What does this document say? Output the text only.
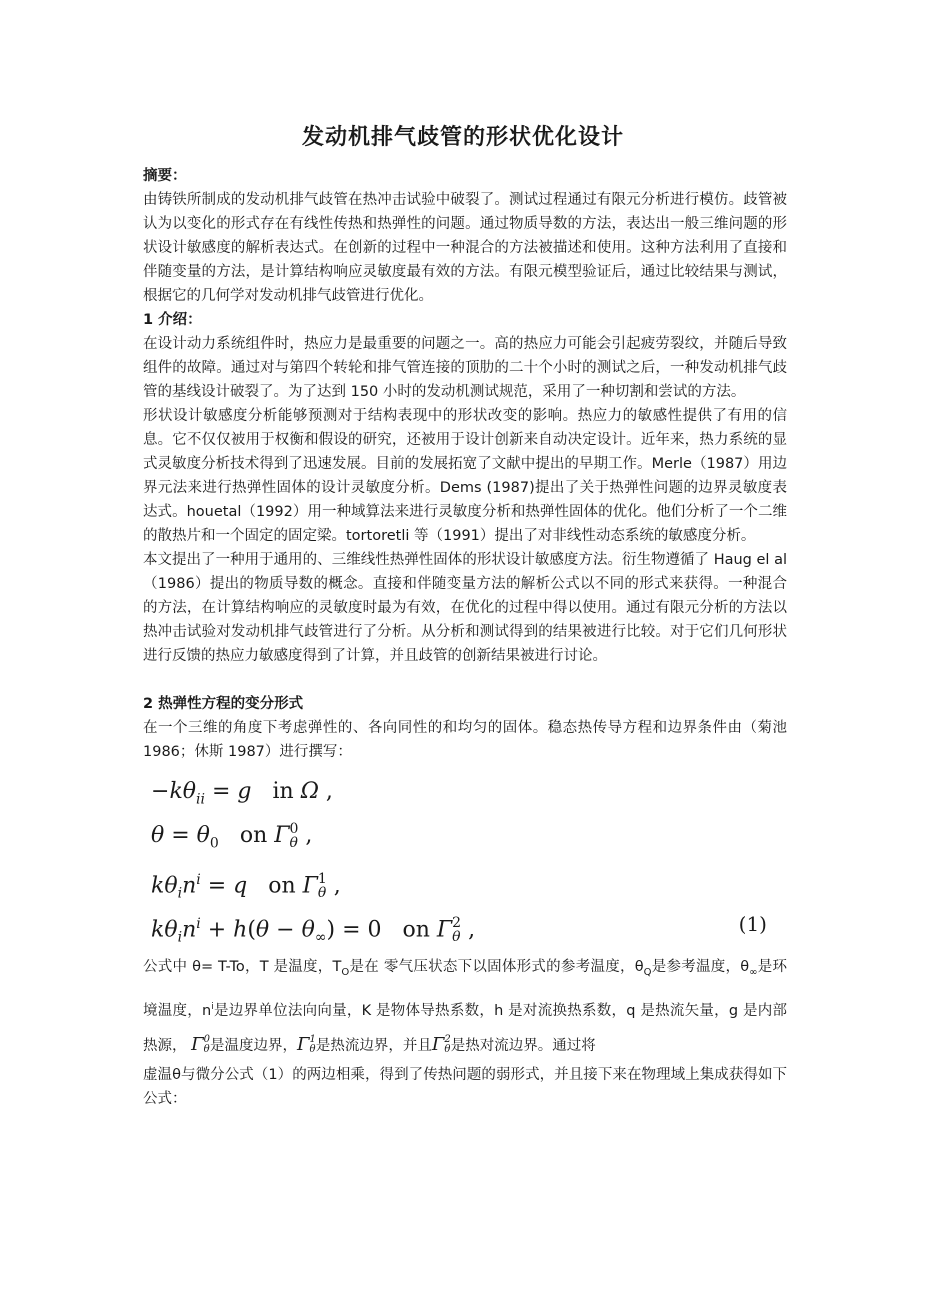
发动机排气歧管的形状优化设计
摘要：

由铸铁所制成的发动机排气歧管在热冲击试验中破裂了。测试过程通过有限元分析进行模仿。歧管被认为以变化的形式存在有线性传热和热弹性的问题。通过物质导数的方法，表达出一般三维问题的形状设计敏感度的解析表达式。在创新的过程中一种混合的方法被描述和使用。这种方法利用了直接和伴随变量的方法，是计算结构响应灵敏度最有效的方法。有限元模型验证后，通过比较结果与测试，根据它的几何学对发动机排气歧管进行优化。

1 介绍：

在设计动力系统组件时，热应力是最重要的问题之一。高的热应力可能会引起疲劳裂纹，并随后导致组件的故障。通过对与第四个转轮和排气管连接的顶肋的二十个小时的测试之后，一种发动机排气歧管的基线设计破裂了。为了达到 150 小时的发动机测试规范，采用了一种切割和尝试的方法。

形状设计敏感度分析能够预测对于结构表现中的形状改变的影响。热应力的敏感性提供了有用的信息。它不仅仅被用于权衡和假设的研究，还被用于设计创新来自动决定设计。近年来，热力系统的显式灵敏度分析技术得到了迅速发展。目前的发展拓宽了文献中提出的早期工作。Merle（1987）用边界元法来进行热弹性固体的设计灵敏度分析。Dems (1987)提出了关于热弹性问题的边界灵敏度表达式。houetal（1992）用一种域算法来进行灵敏度分析和热弹性固体的优化。他们分析了一个二维的散热片和一个固定的固定梁。tortoretli 等（1991）提出了对非线性动态系统的敏感度分析。

本文提出了一种用于通用的、三维线性热弹性固体的形状设计敏感度方法。衍生物遵循了 Haug el al（1986）提出的物质导数的概念。直接和伴随变量方法的解析公式以不同的形式来获得。一种混合的方法，在计算结构响应的灵敏度时最为有效，在优化的过程中得以使用。通过有限元分析的方法以热冲击试验对发动机排气歧管进行了分析。从分析和测试得到的结果被进行比较。对于它们几何形状进行反馈的热应力敏感度得到了计算，并且歧管的创新结果被进行讨论。

2 热弹性方程的变分形式

在一个三维的角度下考虑弹性的、各向同性的和均匀的固体。稳态热传导方程和边界条件由（菊池 1986；休斯 1987）进行撰写：

$-k\theta_{ii} = g$   in Ω ,
$\theta = \theta_0$   on Γ 0
θ ,
$k\theta_in^i = q$   on Γ 1
θ ,
$k\theta_in^i + h(\theta - \theta_\infty) = 0$   on Γ 2
θ ,	(1)

公式中 θ= T-To，T 是温度，$T_O$是在 零气压状态下以固体形式的参考温度，$\theta_Q$是参考温度，$\theta_\infty$是环境温度，$n^i$是边界单位法向向量，K 是物体导热系数，h 是对流换热系数，q 是热流矢量，g 是内部热源， Γ 0
θ 是温度边界，Γ 1
θ 是热流边界，并且Γ 2
θ 是热对流边界。通过将

虚温θ与微分公式（1）的两边相乘，得到了传热问题的弱形式，并且接下来在物理域上集成获得如下公式：
